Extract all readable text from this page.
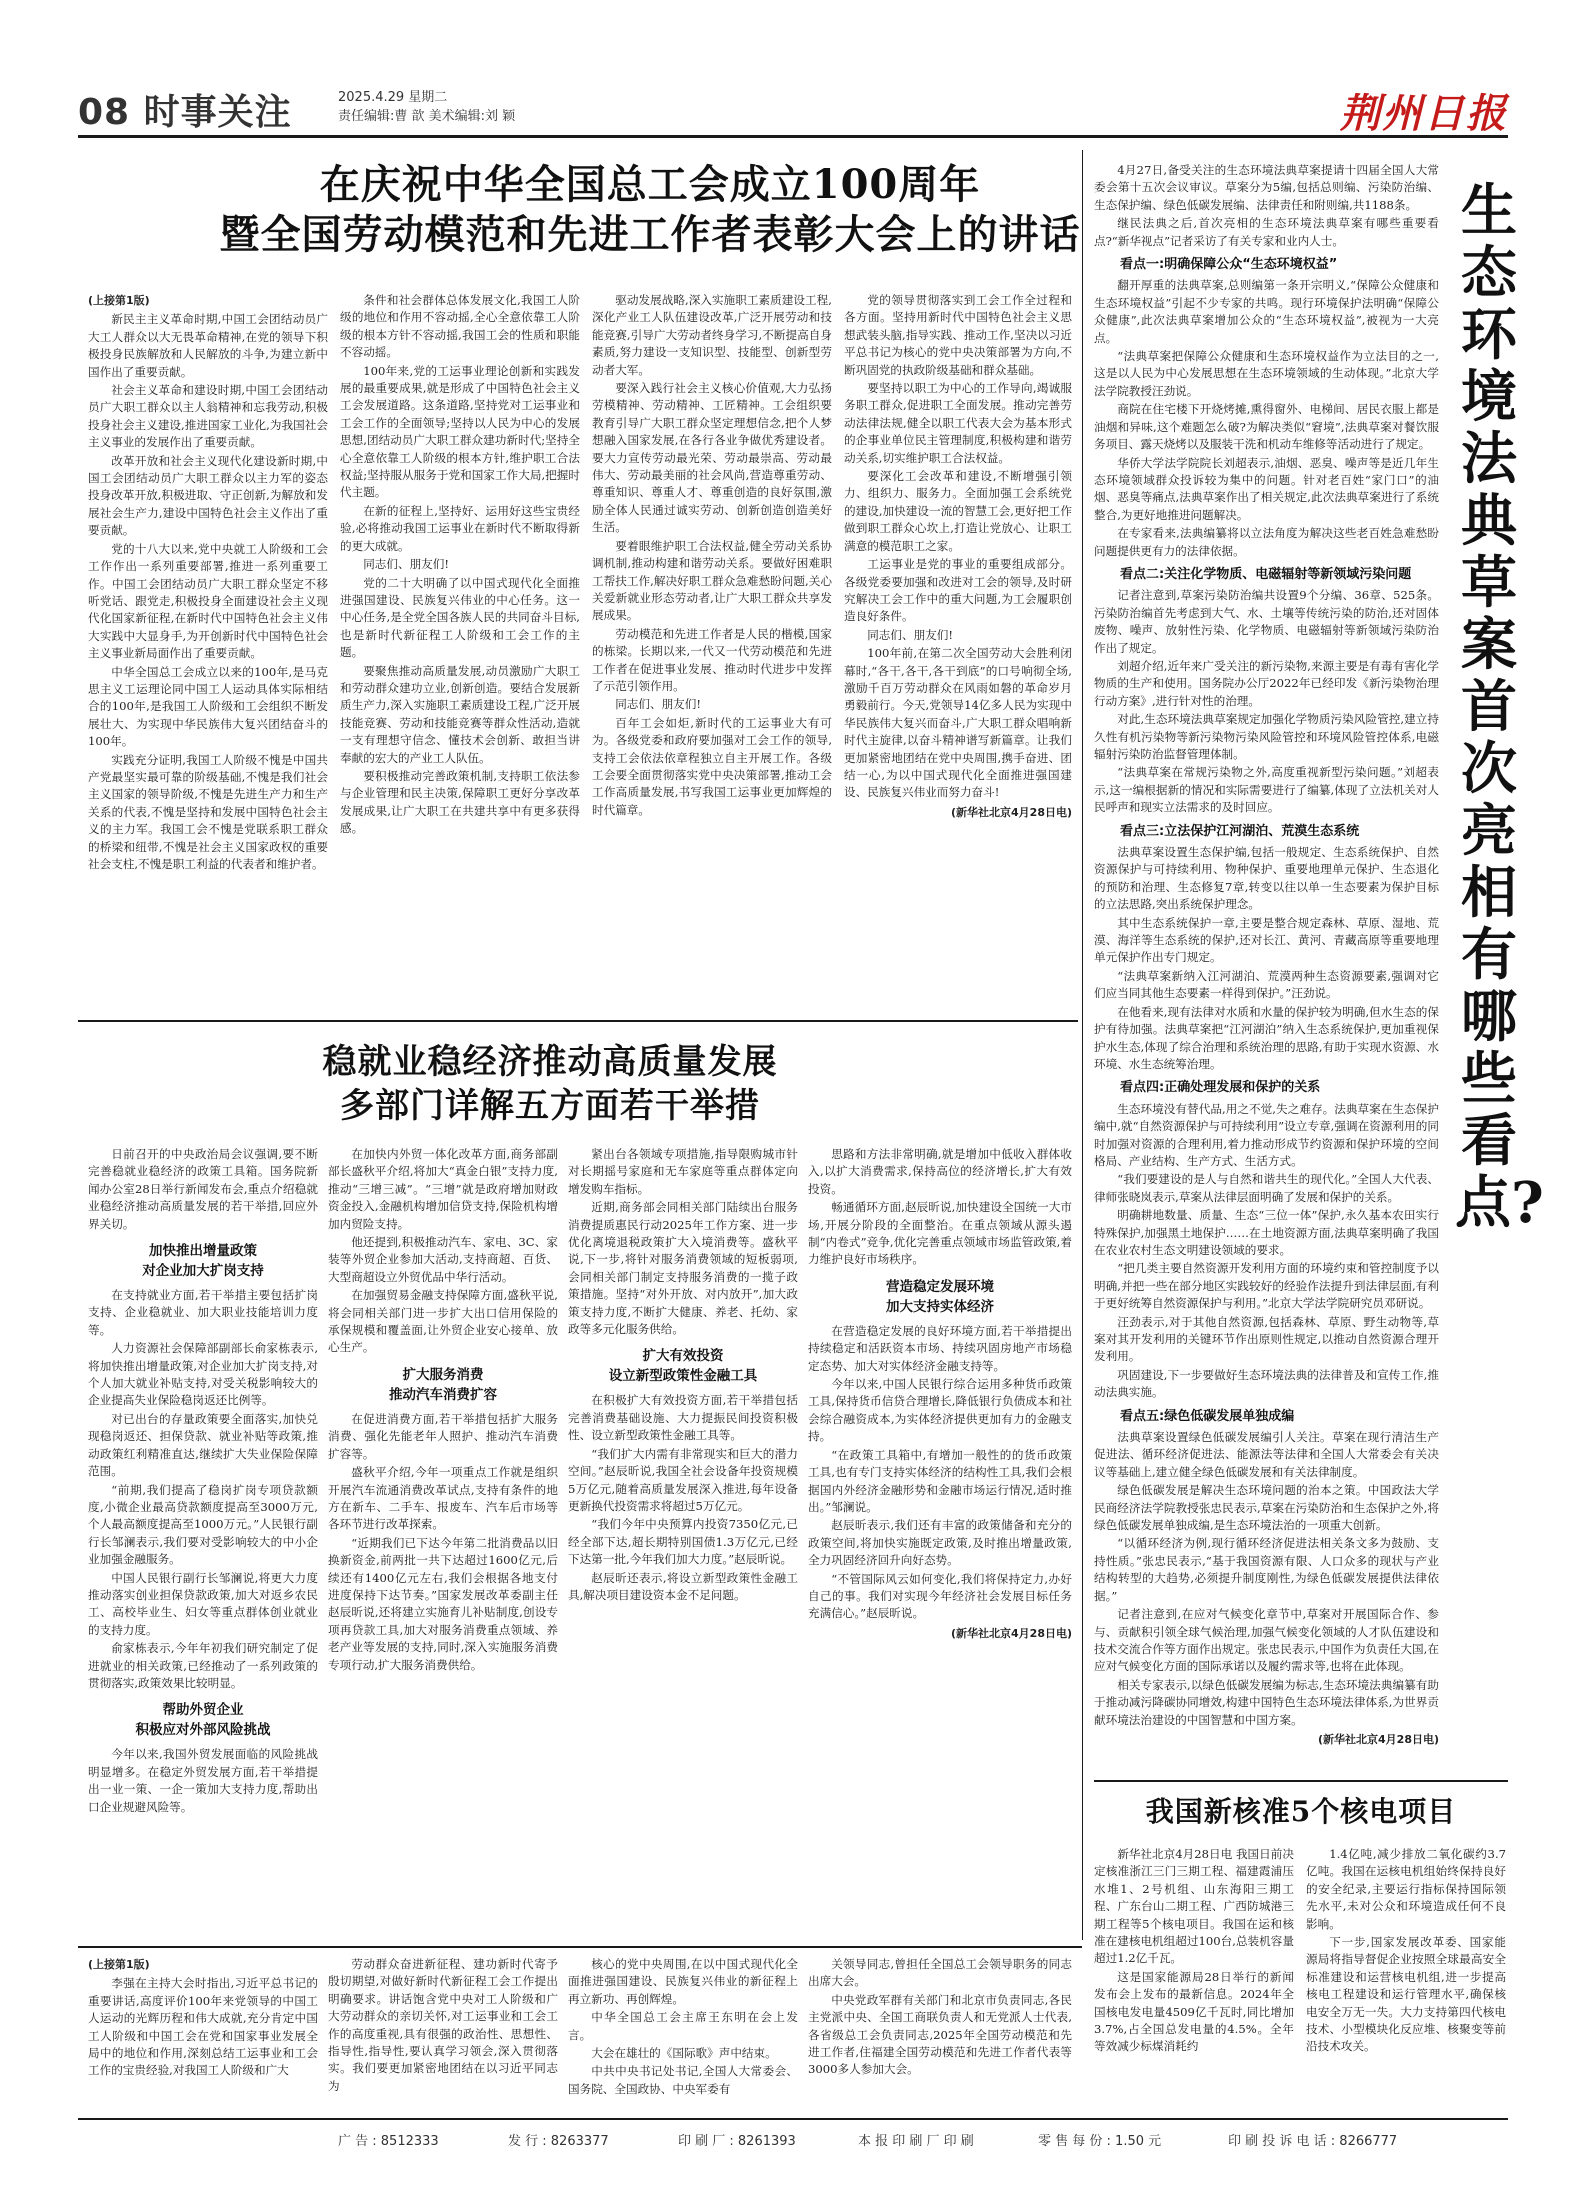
08 时事关注	2025.4.29 星期二
责任编辑:曹 歆 美术编辑:刘 颖	荆州日报
在庆祝中华全国总工会成立100周年
暨全国劳动模范和先进工作者表彰大会上的讲话
(上接第1版)

新民主主义革命时期,中国工会团结动员广大工人群众以大无畏革命精神,在党的领导下积极投身民族解放和人民解放的斗争,为建立新中国作出了重要贡献。

社会主义革命和建设时期,中国工会团结动员广大职工群众以主人翁精神和忘我劳动,积极投身社会主义建设,推进国家工业化,为我国社会主义事业的发展作出了重要贡献。

改革开放和社会主义现代化建设新时期,中国工会团结动员广大职工群众以主力军的姿态投身改革开放,积极进取、守正创新,为解放和发展社会生产力,建设中国特色社会主义作出了重要贡献。

党的十八大以来,党中央就工人阶级和工会工作作出一系列重要部署,推进一系列重要工作。中国工会团结动员广大职工群众坚定不移听党话、跟党走,积极投身全面建设社会主义现代化国家新征程,在新时代中国特色社会主义伟大实践中大显身手,为开创新时代中国特色社会主义事业新局面作出了重要贡献。

中华全国总工会成立以来的100年,是马克思主义工运理论同中国工人运动具体实际相结合的100年,是我国工人阶级和工会组织不断发展壮大、为实现中华民族伟大复兴团结奋斗的100年。

实践充分证明,我国工人阶级不愧是中国共产党最坚实最可靠的阶级基础,不愧是我们社会主义国家的领导阶级,不愧是先进生产力和生产关系的代表,不愧是坚持和发展中国特色社会主义的主力军。我国工会不愧是党联系职工群众的桥梁和纽带,不愧是社会主义国家政权的重要社会支柱,不愧是职工利益的代表者和维护者。

条件和社会群体总体发展文化,我国工人阶级的地位和作用不容动摇,全心全意依靠工人阶级的根本方针不容动摇,我国工会的性质和职能不容动摇。

100年来,党的工运事业理论创新和实践发展的最重要成果,就是形成了中国特色社会主义工会发展道路。这条道路,坚持党对工运事业和工会工作的全面领导;坚持以人民为中心的发展思想,团结动员广大职工群众建功新时代;坚持全心全意依靠工人阶级的根本方针,维护职工合法权益;坚持服从服务于党和国家工作大局,把握时代主题。

在新的征程上,坚持好、运用好这些宝贵经验,必将推动我国工运事业在新时代不断取得新的更大成就。

同志们、朋友们!

党的二十大明确了以中国式现代化全面推进强国建设、民族复兴伟业的中心任务。这一中心任务,是全党全国各族人民的共同奋斗目标,也是新时代新征程工人阶级和工会工作的主题。

要聚焦推动高质量发展,动员激励广大职工和劳动群众建功立业,创新创造。要结合发展新质生产力,深入实施职工素质建设工程,广泛开展技能竞赛、劳动和技能竞赛等群众性活动,造就一支有理想守信念、懂技术会创新、敢担当讲奉献的宏大的产业工人队伍。

要积极推动完善政策机制,支持职工依法参与企业管理和民主决策,保障职工更好分享改革发展成果,让广大职工在共建共享中有更多获得感。

驱动发展战略,深入实施职工素质建设工程,深化产业工人队伍建设改革,广泛开展劳动和技能竞赛,引导广大劳动者终身学习,不断提高自身素质,努力建设一支知识型、技能型、创新型劳动者大军。

要深入践行社会主义核心价值观,大力弘扬劳模精神、劳动精神、工匠精神。工会组织要教育引导广大职工群众坚定理想信念,把个人梦想融入国家发展,在各行各业争做优秀建设者。要大力宣传劳动最光荣、劳动最崇高、劳动最伟大、劳动最美丽的社会风尚,营造尊重劳动、尊重知识、尊重人才、尊重创造的良好氛围,激励全体人民通过诚实劳动、创新创造创造美好生活。

要着眼维护职工合法权益,健全劳动关系协调机制,推动构建和谐劳动关系。要做好困难职工帮扶工作,解决好职工群众急难愁盼问题,关心关爱新就业形态劳动者,让广大职工群众共享发展成果。

劳动模范和先进工作者是人民的楷模,国家的栋梁。长期以来,一代又一代劳动模范和先进工作者在促进事业发展、推动时代进步中发挥了示范引领作用。

同志们、朋友们!

百年工会如炬,新时代的工运事业大有可为。各级党委和政府要加强对工会工作的领导,支持工会依法依章程独立自主开展工作。各级工会要全面贯彻落实党中央决策部署,推动工会工作高质量发展,书写我国工运事业更加辉煌的时代篇章。

党的领导贯彻落实到工会工作全过程和各方面。坚持用新时代中国特色社会主义思想武装头脑,指导实践、推动工作,坚决以习近平总书记为核心的党中央决策部署为方向,不断巩固党的执政阶级基础和群众基础。

要坚持以职工为中心的工作导向,竭诚服务职工群众,促进职工全面发展。推动完善劳动法律法规,健全以职工代表大会为基本形式的企事业单位民主管理制度,积极构建和谐劳动关系,切实维护职工合法权益。

要深化工会改革和建设,不断增强引领力、组织力、服务力。全面加强工会系统党的建设,加快建设一流的智慧工会,更好把工作做到职工群众心坎上,打造让党放心、让职工满意的模范职工之家。

工运事业是党的事业的重要组成部分。各级党委要加强和改进对工会的领导,及时研究解决工会工作中的重大问题,为工会履职创造良好条件。

同志们、朋友们!

100年前,在第二次全国劳动大会胜利闭幕时,“各干,各干,各干到底”的口号响彻全场,激励千百万劳动群众在风雨如磐的革命岁月勇毅前行。今天,党领导14亿多人民为实现中华民族伟大复兴而奋斗,广大职工群众唱响新时代主旋律,以奋斗精神谱写新篇章。让我们更加紧密地团结在党中央周围,携手奋进、团结一心,为以中国式现代化全面推进强国建设、民族复兴伟业而努力奋斗!

(新华社北京4月28日电)
稳就业稳经济推动高质量发展
多部门详解五方面若干举措

日前召开的中央政治局会议强调,要不断完善稳就业稳经济的政策工具箱。国务院新闻办公室28日举行新闻发布会,重点介绍稳就业稳经济推动高质量发展的若干举措,回应外界关切。

加快推出增量政策
对企业加大扩岗支持

在支持就业方面,若干举措主要包括扩岗支持、企业稳就业、加大职业技能培训力度等。

人力资源社会保障部副部长俞家栋表示,将加快推出增量政策,对企业加大扩岗支持,对个人加大就业补贴支持,对受关税影响较大的企业提高失业保险稳岗返还比例等。

对已出台的存量政策要全面落实,加快兑现稳岗返还、担保贷款、就业补贴等政策,推动政策红利精准直达,继续扩大失业保险保障范围。

“前期,我们提高了稳岗扩岗专项贷款额度,小微企业最高贷款额度提高至3000万元,个人最高额度提高至1000万元。”人民银行副行长邹澜表示,我们要对受影响较大的中小企业加强金融服务。

中国人民银行副行长邹澜说,将更大力度推动落实创业担保贷款政策,加大对返乡农民工、高校毕业生、妇女等重点群体创业就业的支持力度。

俞家栋表示,今年年初我们研究制定了促进就业的相关政策,已经推动了一系列政策的贯彻落实,政策效果比较明显。

帮助外贸企业
积极应对外部风险挑战

今年以来,我国外贸发展面临的风险挑战明显增多。在稳定外贸发展方面,若干举措提出一业一策、一企一策加大支持力度,帮助出口企业规避风险等。

在加快内外贸一体化改革方面,商务部副部长盛秋平介绍,将加大“真金白银”支持力度,推动“三增三减”。“三增”就是政府增加财政资金投入,金融机构增加信贷支持,保险机构增加内贸险支持。

他还提到,积极推动汽车、家电、3C、家装等外贸企业参加大活动,支持商超、百货、大型商超设立外贸优品中华行活动。

在加强贸易金融支持保障方面,盛秋平说,将会同相关部门进一步扩大出口信用保险的承保规模和覆盖面,让外贸企业安心接单、放心生产。

扩大服务消费
推动汽车消费扩容

在促进消费方面,若干举措包括扩大服务消费、强化先能老年人照护、推动汽车消费扩容等。

盛秋平介绍,今年一项重点工作就是组织开展汽车流通消费改革试点,支持有条件的地方在新车、二手车、报废车、汽车后市场等各环节进行改革探索。

“近期我们已下达今年第二批消费品以旧换新资金,前两批一共下达超过1600亿元,后续还有1400亿元左右,我们会根据各地支付进度保持下达节奏。”国家发展改革委副主任赵辰昕说,还将建立实施育儿补贴制度,创设专项再贷款工具,加大对服务消费重点领域、养老产业等发展的支持,同时,深入实施服务消费专项行动,扩大服务消费供给。

紧出台各领域专项措施,指导限购城市针对长期摇号家庭和无车家庭等重点群体定向增发购车指标。

近期,商务部会同相关部门陆续出台服务消费提质惠民行动2025年工作方案、进一步优化离境退税政策扩大入境消费等。盛秋平说,下一步,将针对服务消费领域的短板弱项,会同相关部门制定支持服务消费的一揽子政策措施。坚持“对外开放、对内放开”,加大政策支持力度,不断扩大健康、养老、托幼、家政等多元化服务供给。

扩大有效投资
设立新型政策性金融工具

在积极扩大有效投资方面,若干举措包括完善消费基础设施、大力提振民间投资积极性、设立新型政策性金融工具等。

“我们扩大内需有非常现实和巨大的潜力空间。”赵辰昕说,我国全社会设备年投资规模5万亿元,随着高质量发展深入推进,每年设备更新换代投资需求将超过5万亿元。

“我们今年中央预算内投资7350亿元,已经全部下达,超长期特别国债1.3万亿元,已经下达第一批,今年我们加大力度。”赵辰昕说。

赵辰昕还表示,将设立新型政策性金融工具,解决项目建设资本金不足问题。

思路和方法非常明确,就是增加中低收入群体收入,以扩大消费需求,保持高位的经济增长,扩大有效投资。

畅通循环方面,赵辰昕说,加快建设全国统一大市场,开展分阶段的全面整治。在重点领域从源头遏制“内卷式”竞争,优化完善重点领域市场监管政策,着力维护良好市场秩序。

营造稳定发展环境
加大支持实体经济

在营造稳定发展的良好环境方面,若干举措提出持续稳定和活跃资本市场、持续巩固房地产市场稳定态势、加大对实体经济金融支持等。

今年以来,中国人民银行综合运用多种货币政策工具,保持货币信贷合理增长,降低银行负债成本和社会综合融资成本,为实体经济提供更加有力的金融支持。

“在政策工具箱中,有增加一般性的的货币政策工具,也有专门支持实体经济的结构性工具,我们会根据国内外经济金融形势和金融市场运行情况,适时推出。”邹澜说。

赵辰昕表示,我们还有丰富的政策储备和充分的政策空间,将加快实施既定政策,及时推出增量政策,全力巩固经济回升向好态势。

“不管国际风云如何变化,我们将保持定力,办好自己的事。我们对实现今年经济社会发展目标任务充满信心。”赵辰昕说。

(新华社北京4月28日电)
生态环境法典草案首次亮相 有哪些看点?

4月27日,备受关注的生态环境法典草案提请十四届全国人大常委会第十五次会议审议。草案分为5编,包括总则编、污染防治编、生态保护编、绿色低碳发展编、法律责任和附则编,共1188条。

继民法典之后,首次亮相的生态环境法典草案有哪些重要看点?“新华视点”记者采访了有关专家和业内人士。

看点一:明确保障公众“生态环境权益”

翻开厚重的法典草案,总则编第一条开宗明义,“保障公众健康和生态环境权益”引起不少专家的共鸣。现行环境保护法明确“保障公众健康”,此次法典草案增加公众的“生态环境权益”,被视为一大亮点。

“法典草案把保障公众健康和生态环境权益作为立法目的之一,这是以人民为中心发展思想在生态环境领域的生动体现。”北京大学法学院教授汪劲说。

商院在住宅楼下开烧烤摊,熏得窗外、电梯间、居民衣服上都是油烟和异味,这个难题怎么破?为解决类似“窘境”,法典草案对餐饮服务项目、露天烧烤以及服装干洗和机动车维修等活动进行了规定。

华侨大学法学院院长刘超表示,油烟、恶臭、噪声等是近几年生态环境领域群众投诉较为集中的问题。针对老百姓“家门口”的油烟、恶臭等痛点,法典草案作出了相关规定,此次法典草案进行了系统整合,为更好地推进问题解决。

在专家看来,法典编纂将以立法角度为解决这些老百姓急难愁盼问题提供更有力的法律依据。

看点二:关注化学物质、电磁辐射等新领域污染问题

记者注意到,草案污染防治编共设置9个分编、36章、525条。污染防治编首先考虑到大气、水、土壤等传统污染的防治,还对固体废物、噪声、放射性污染、化学物质、电磁辐射等新领域污染防治作出了规定。

刘超介绍,近年来广受关注的新污染物,来源主要是有毒有害化学物质的生产和使用。国务院办公厅2022年已经印发《新污染物治理行动方案》,进行针对性的治理。

对此,生态环境法典草案规定加强化学物质污染风险管控,建立持久性有机污染物等新污染物污染风险管控和环境风险管控体系,电磁辐射污染防治监督管理体制。

“法典草案在常规污染物之外,高度重视新型污染问题。”刘超表示,这一编根据新的情况和实际需要进行了编纂,体现了立法机关对人民呼声和现实立法需求的及时回应。

看点三:立法保护江河湖泊、荒漠生态系统

法典草案设置生态保护编,包括一般规定、生态系统保护、自然资源保护与可持续利用、物种保护、重要地理单元保护、生态退化的预防和治理、生态修复7章,转变以往以单一生态要素为保护目标的立法思路,突出系统保护理念。

其中生态系统保护一章,主要是整合规定森林、草原、湿地、荒漠、海洋等生态系统的保护,还对长江、黄河、青藏高原等重要地理单元保护作出专门规定。

“法典草案新纳入江河湖泊、荒漠两种生态资源要素,强调对它们应当同其他生态要素一样得到保护。”汪劲说。

在他看来,现有法律对水质和水量的保护较为明确,但水生态的保护有待加强。法典草案把“江河湖泊”纳入生态系统保护,更加重视保护水生态,体现了综合治理和系统治理的思路,有助于实现水资源、水环境、水生态统筹治理。

看点四:正确处理发展和保护的关系

生态环境没有替代品,用之不觉,失之难存。法典草案在生态保护编中,就“自然资源保护与可持续利用”设立专章,强调在资源利用的同时加强对资源的合理利用,着力推动形成节约资源和保护环境的空间格局、产业结构、生产方式、生活方式。

“我们要建设的是人与自然和谐共生的现代化。”全国人大代表、律师张晓岚表示,草案从法律层面明确了发展和保护的关系。

明确耕地数量、质量、生态“三位一体”保护,永久基本农田实行特殊保护,加强黑土地保护……在土地资源方面,法典草案明确了我国在农业农村生态文明建设领域的要求。

“把几类主要自然资源开发利用方面的环境约束和管控制度予以明确,并把一些在部分地区实践较好的经验作法提升到法律层面,有利于更好统筹自然资源保护与利用。”北京大学法学院研究员邓研说。

汪劲表示,对于其他自然资源,包括森林、草原、野生动物等,草案对其开发利用的关键环节作出原则性规定,以推动自然资源合理开发利用。

巩固建设,下一步要做好生态环境法典的法律普及和宣传工作,推动法典实施。

看点五:绿色低碳发展单独成编

法典草案设置绿色低碳发展编引人关注。草案在现行清洁生产促进法、循环经济促进法、能源法等法律和全国人大常委会有关决议等基础上,建立健全绿色低碳发展和有关法律制度。

绿色低碳发展是解决生态环境问题的治本之策。中国政法大学民商经济法学院教授张忠民表示,草案在污染防治和生态保护之外,将绿色低碳发展单独成编,是生态环境法治的一项重大创新。

“以循环经济为例,现行循环经济促进法相关条文多为鼓励、支持性质。”张忠民表示,“基于我国资源有限、人口众多的现状与产业结构转型的大趋势,必须提升制度刚性,为绿色低碳发展提供法律依据。”

记者注意到,在应对气候变化章节中,草案对开展国际合作、参与、贡献积引领全球气候治理,加强气候变化领域的人才队伍建设和技术交流合作等方面作出规定。张忠民表示,中国作为负责任大国,在应对气候变化方面的国际承诺以及履约需求等,也将在此体现。

相关专家表示,以绿色低碳发展编为标志,生态环境法典编纂有助于推动减污降碳协同增效,构建中国特色生态环境法律体系,为世界贡献环境法治建设的中国智慧和中国方案。

(新华社北京4月28日电)
我国新核准5个核电项目

新华社北京4月28日电 我国日前决定核准浙江三门三期工程、福建霞浦压水堆1、2号机组、山东海阳三期工程、广东台山二期工程、广西防城港三期工程等5个核电项目。我国在运和核准在建核电机组超过100台,总装机容量超过1.2亿千瓦。

这是国家能源局28日举行的新闻发布会上发布的最新信息。2024年全国核电发电量4509亿千瓦时,同比增加3.7%,占全国总发电量的4.5%。全年等效减少标煤消耗约

1.4亿吨,减少排放二氧化碳约3.7亿吨。我国在运核电机组始终保持良好的安全纪录,主要运行指标保持国际领先水平,未对公众和环境造成任何不良影响。

下一步,国家发展改革委、国家能源局将指导督促企业按照全球最高安全标准建设和运营核电机组,进一步提高核电工程建设和运行管理水平,确保核电安全万无一失。大力支持第四代核电技术、小型模块化反应堆、核聚变等前沿技术攻关。

(上接第1版)

李强在主持大会时指出,习近平总书记的重要讲话,高度评价100年来党领导的中国工人运动的光辉历程和伟大成就,充分肯定中国工人阶级和中国工会在党和国家事业发展全局中的地位和作用,深刻总结工运事业和工会工作的宝贵经验,对我国工人阶级和广大

劳动群众奋进新征程、建功新时代寄予殷切期望,对做好新时代新征程工会工作提出明确要求。讲话饱含党中央对工人阶级和广大劳动群众的亲切关怀,对工运事业和工会工作的高度重视,具有很强的政治性、思想性、指导性,指导性,要认真学习领会,深入贯彻落实。我们要更加紧密地团结在以习近平同志为

核心的党中央周围,在以中国式现代化全面推进强国建设、民族复兴伟业的新征程上再立新功、再创辉煌。

中华全国总工会主席王东明在会上发言。

大会在雄壮的《国际歌》声中结束。

中共中央书记处书记,全国人大常委会、国务院、全国政协、中央军委有

关领导同志,曾担任全国总工会领导职务的同志出席大会。

中央党政军群有关部门和北京市负责同志,各民主党派中央、全国工商联负责人和无党派人士代表,各省级总工会负责同志,2025年全国劳动模范和先进工作者,住福建全国劳动模范和先进工作者代表等3000多人参加大会。

广 告 : 8512333	发 行 : 8263377	印 刷 厂 : 8261393	本 报 印 刷 厂 印 刷	零 售 每 份 : 1.50 元	印 刷 投 诉 电 话 : 8266777
